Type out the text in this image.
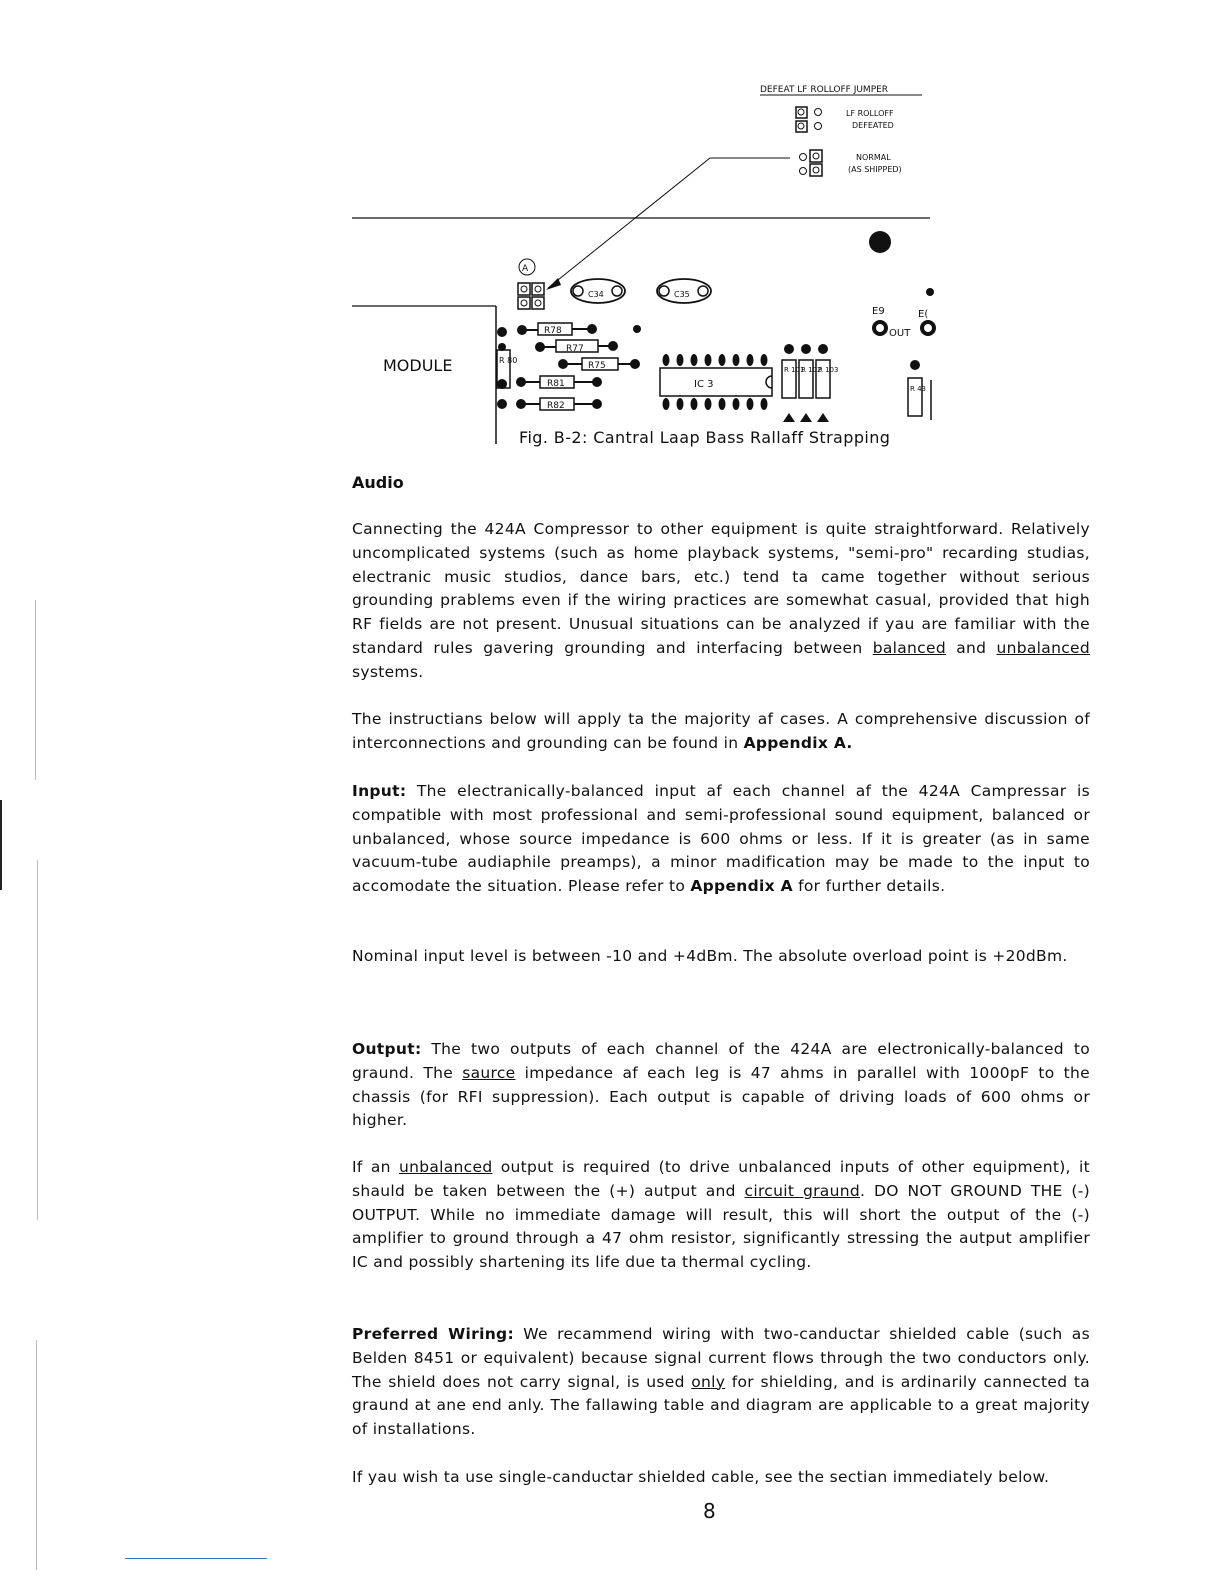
DEFEAT LF ROLLOFF JUMPER
LF ROLLOFF
DEFEATED
NORMAL
(AS SHIPPED)
A
C34	C35
E9	E(
OUT
R78
R77
R 80
R75
R81
R82
IC 3
R 101
R 102
R 103
R 43
MODULE
Fig. B-2: Cantral Laap Bass Rallaff Strapping
Audio
Cannecting the 424A Compressor to other equipment is quite straightforward. Relatively uncomplicated systems (such as home playback systems, "semi-pro" recarding studias, electranic music studios, dance bars, etc.) tend ta came together without serious grounding prablems even if the wiring practices are somewhat casual, provided that high RF fields are not present. Unusual situations can be analyzed if yau are familiar with the standard rules gavering grounding and interfacing between balanced and unbalanced systems.
The instructians below will apply ta the majority af cases. A comprehensive discussion of interconnections and grounding can be found in Appendix A.
Input: The electranically-balanced input af each channel af the 424A Campressar is compatible with most professional and semi-professional sound equipment, balanced or unbalanced, whose source impedance is 600 ohms or less. If it is greater (as in same vacuum-tube audiaphile preamps), a minor madification may be made to the input to accomodate the situation. Please refer to Appendix A for further details.
Nominal input level is between -10 and +4dBm. The absolute overload point is +20dBm.
Output: The two outputs of each channel of the 424A are electronically-balanced to graund. The saurce impedance af each leg is 47 ahms in parallel with 1000pF to the chassis (for RFI suppression). Each output is capable of driving loads of 600 ohms or higher.
If an unbalanced output is required (to drive unbalanced inputs of other equipment), it shauld be taken between the (+) autput and circuit graund. DO NOT GROUND THE (-) OUTPUT. While no immediate damage will result, this will short the output of the (-) amplifier to ground through a 47 ohm resistor, significantly stressing the autput amplifier IC and possibly shartening its life due ta thermal cycling.
Preferred Wiring: We recammend wiring with two-canductar shielded cable (such as Belden 8451 or equivalent) because signal current flows through the two conductors only. The shield does not carry signal, is used only for shielding, and is ardinarily cannected ta graund at ane end anly. The fallawing table and diagram are applicable to a great majority of installations.
If yau wish ta use single-canductar shielded cable, see the sectian immediately below.
8
